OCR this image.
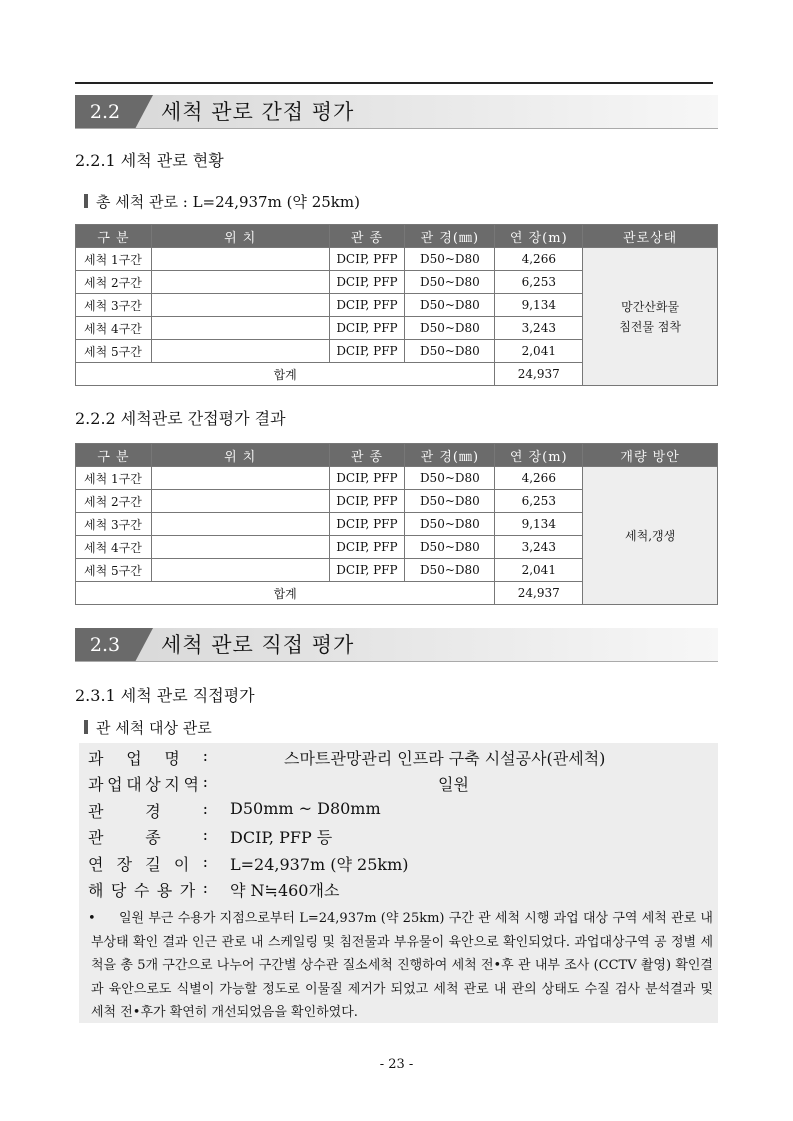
2.2	세척 관로 간접 평가
2.2.1 세척 관로 현황
총 세척 관로 : L=24,937m (약 25km)
구 분	위 치	관 종	관 경(㎜)	연 장(m)	관로상태
세척 1구간		DCIP, PFP	D50~D80	4,266	망간산화물
침전물 점착
세척 2구간		DCIP, PFP	D50~D80	6,253	
세척 3구간		DCIP, PFP	D50~D80	9,134	
세척 4구간		DCIP, PFP	D50~D80	3,243	
세척 5구간		DCIP, PFP	D50~D80	2,041	
합계				24,937	
2.2.2 세척관로 간접평가 결과
구 분	위 치	관 종	관 경(㎜)	연 장(m)	개량 방안
세척 1구간		DCIP, PFP	D50~D80	4,266	세척,갱생
세척 2구간		DCIP, PFP	D50~D80	6,253	
세척 3구간		DCIP, PFP	D50~D80	9,134	
세척 4구간		DCIP, PFP	D50~D80	3,243	
세척 5구간		DCIP, PFP	D50~D80	2,041	
합계				24,937	
2.3	세척 관로 직접 평가
2.3.1 세척 관로 직접평가
관 세척 대상 관로
과 업 명 :	스마트관망관리 인프라 구축 시설공사(관세척)
과 업 대 상 지 역 :	일원
관	경	: D50mm ~ D80mm
관	종	: DCIP, PFP 등
연 장 길 이 : L=24,937m (약 25km)
해 당 수 용 가 : 약 N≒460개소
•	일원 부근 수용가 지점으로부터 L=24,937m (약 25km) 구간 관 세척 시행 과업 대상 구역 세척 관로 내부상태 확인 결과 인근 관로 내 스케일링 및 침전물과 부유물이 육안으로 확인되었다. 과업대상구역 공 정별 세척을 총 5개 구간으로 나누어 구간별 상수관 질소세척 진행하여 세척 전•후 관 내부 조사 (CCTV 촬영) 확인결과 육안으로도 식별이 가능할 정도로 이물질 제거가 되었고 세척 관로 내 관의 상태도 수질 검사 분석결과 및 세척 전•후가 확연히 개선되었음을 확인하였다.
- 23 -
